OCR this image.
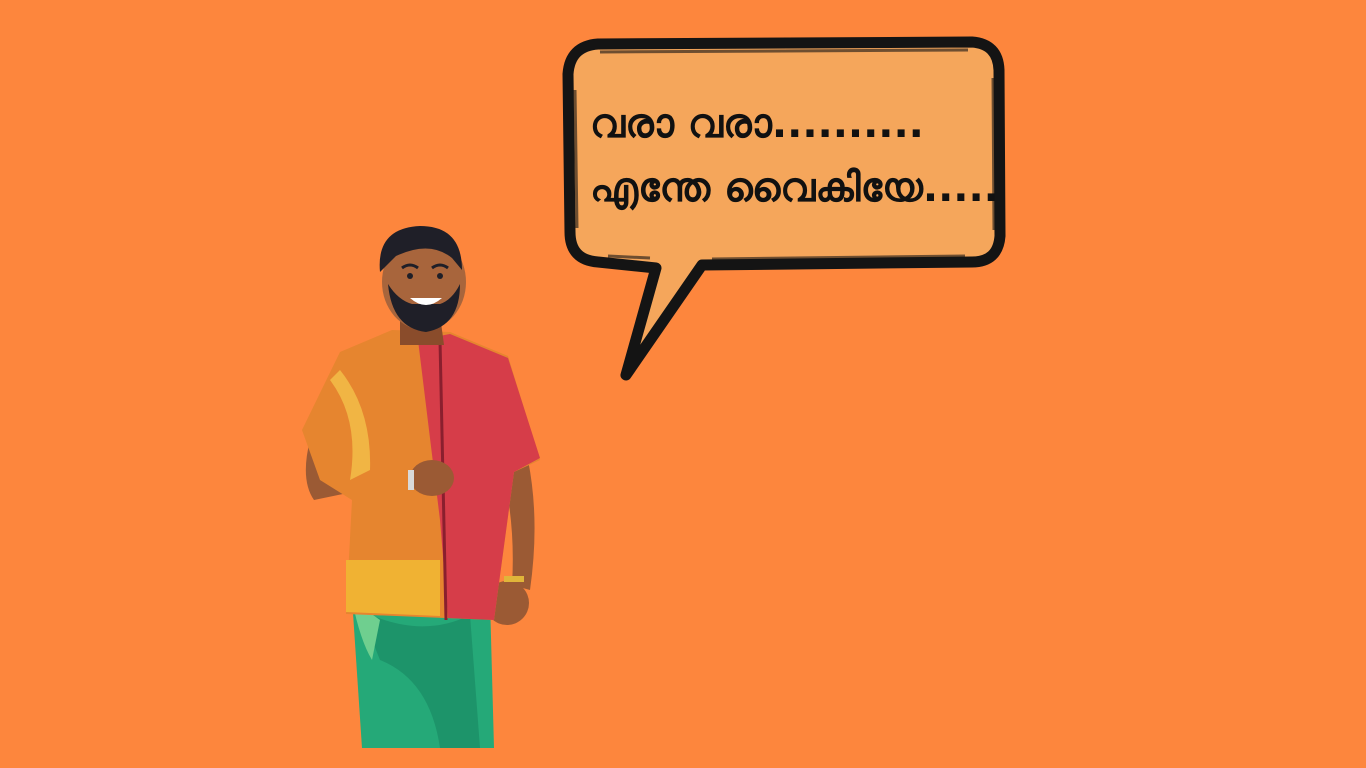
വരാ വരാ..........
എന്തേ വൈകിയേ.....
